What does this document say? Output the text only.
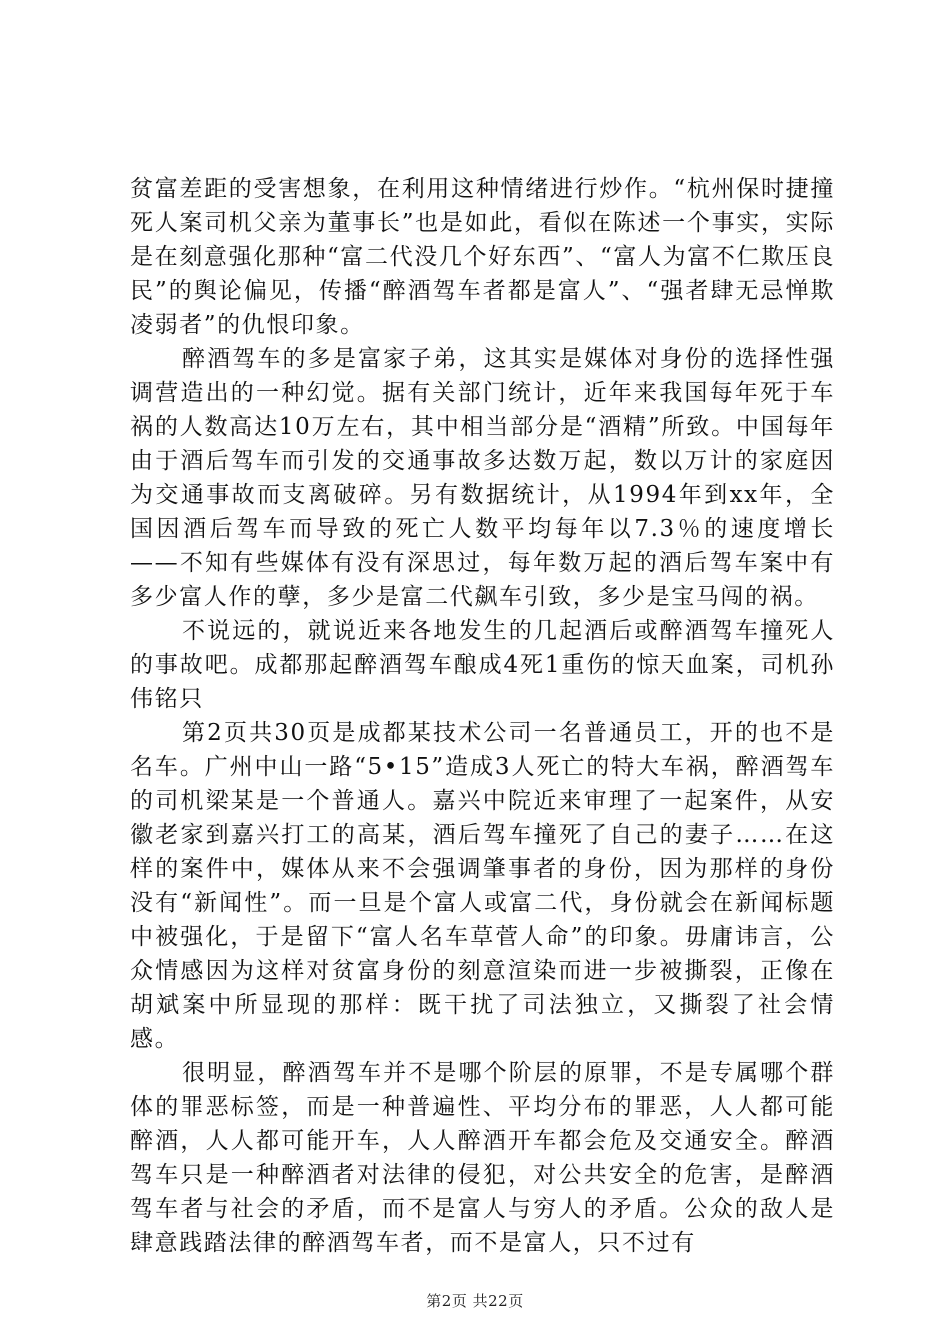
贫富差距的受害想象，在利用这种情绪进行炒作。“杭州保时捷撞死人案司机父亲为董事长”也是如此，看似在陈述一个事实，实际是在刻意强化那种“富二代没几个好东西”、“富人为富不仁欺压良民”的舆论偏见，传播“醉酒驾车者都是富人”、“强者肆无忌惮欺凌弱者”的仇恨印象。

醉酒驾车的多是富家子弟，这其实是媒体对身份的选择性强调营造出的一种幻觉。据有关部门统计，近年来我国每年死于车祸的人数高达10万左右，其中相当部分是“酒精”所致。中国每年由于酒后驾车而引发的交通事故多达数万起，数以万计的家庭因为交通事故而支离破碎。另有数据统计，从1994年到xx年，全国因酒后驾车而导致的死亡人数平均每年以7.3％的速度增长——不知有些媒体有没有深思过，每年数万起的酒后驾车案中有多少富人作的孽，多少是富二代飙车引致，多少是宝马闯的祸。

不说远的，就说近来各地发生的几起酒后或醉酒驾车撞死人的事故吧。成都那起醉酒驾车酿成4死1重伤的惊天血案，司机孙伟铭只

第2页共30页是成都某技术公司一名普通员工，开的也不是名车。广州中山一路“5•15”造成3人死亡的特大车祸，醉酒驾车的司机梁某是一个普通人。嘉兴中院近来审理了一起案件，从安徽老家到嘉兴打工的高某，酒后驾车撞死了自己的妻子……在这样的案件中，媒体从来不会强调肇事者的身份，因为那样的身份没有“新闻性”。而一旦是个富人或富二代，身份就会在新闻标题中被强化，于是留下“富人名车草菅人命”的印象。毋庸讳言，公众情感因为这样对贫富身份的刻意渲染而进一步被撕裂，正像在胡斌案中所显现的那样：既干扰了司法独立，又撕裂了社会情感。

很明显，醉酒驾车并不是哪个阶层的原罪，不是专属哪个群体的罪恶标签，而是一种普遍性、平均分布的罪恶，人人都可能醉酒，人人都可能开车，人人醉酒开车都会危及交通安全。醉酒驾车只是一种醉酒者对法律的侵犯，对公共安全的危害，是醉酒驾车者与社会的矛盾，而不是富人与穷人的矛盾。公众的敌人是肆意践踏法律的醉酒驾车者，而不是富人，只不过有

第2页 共22页
